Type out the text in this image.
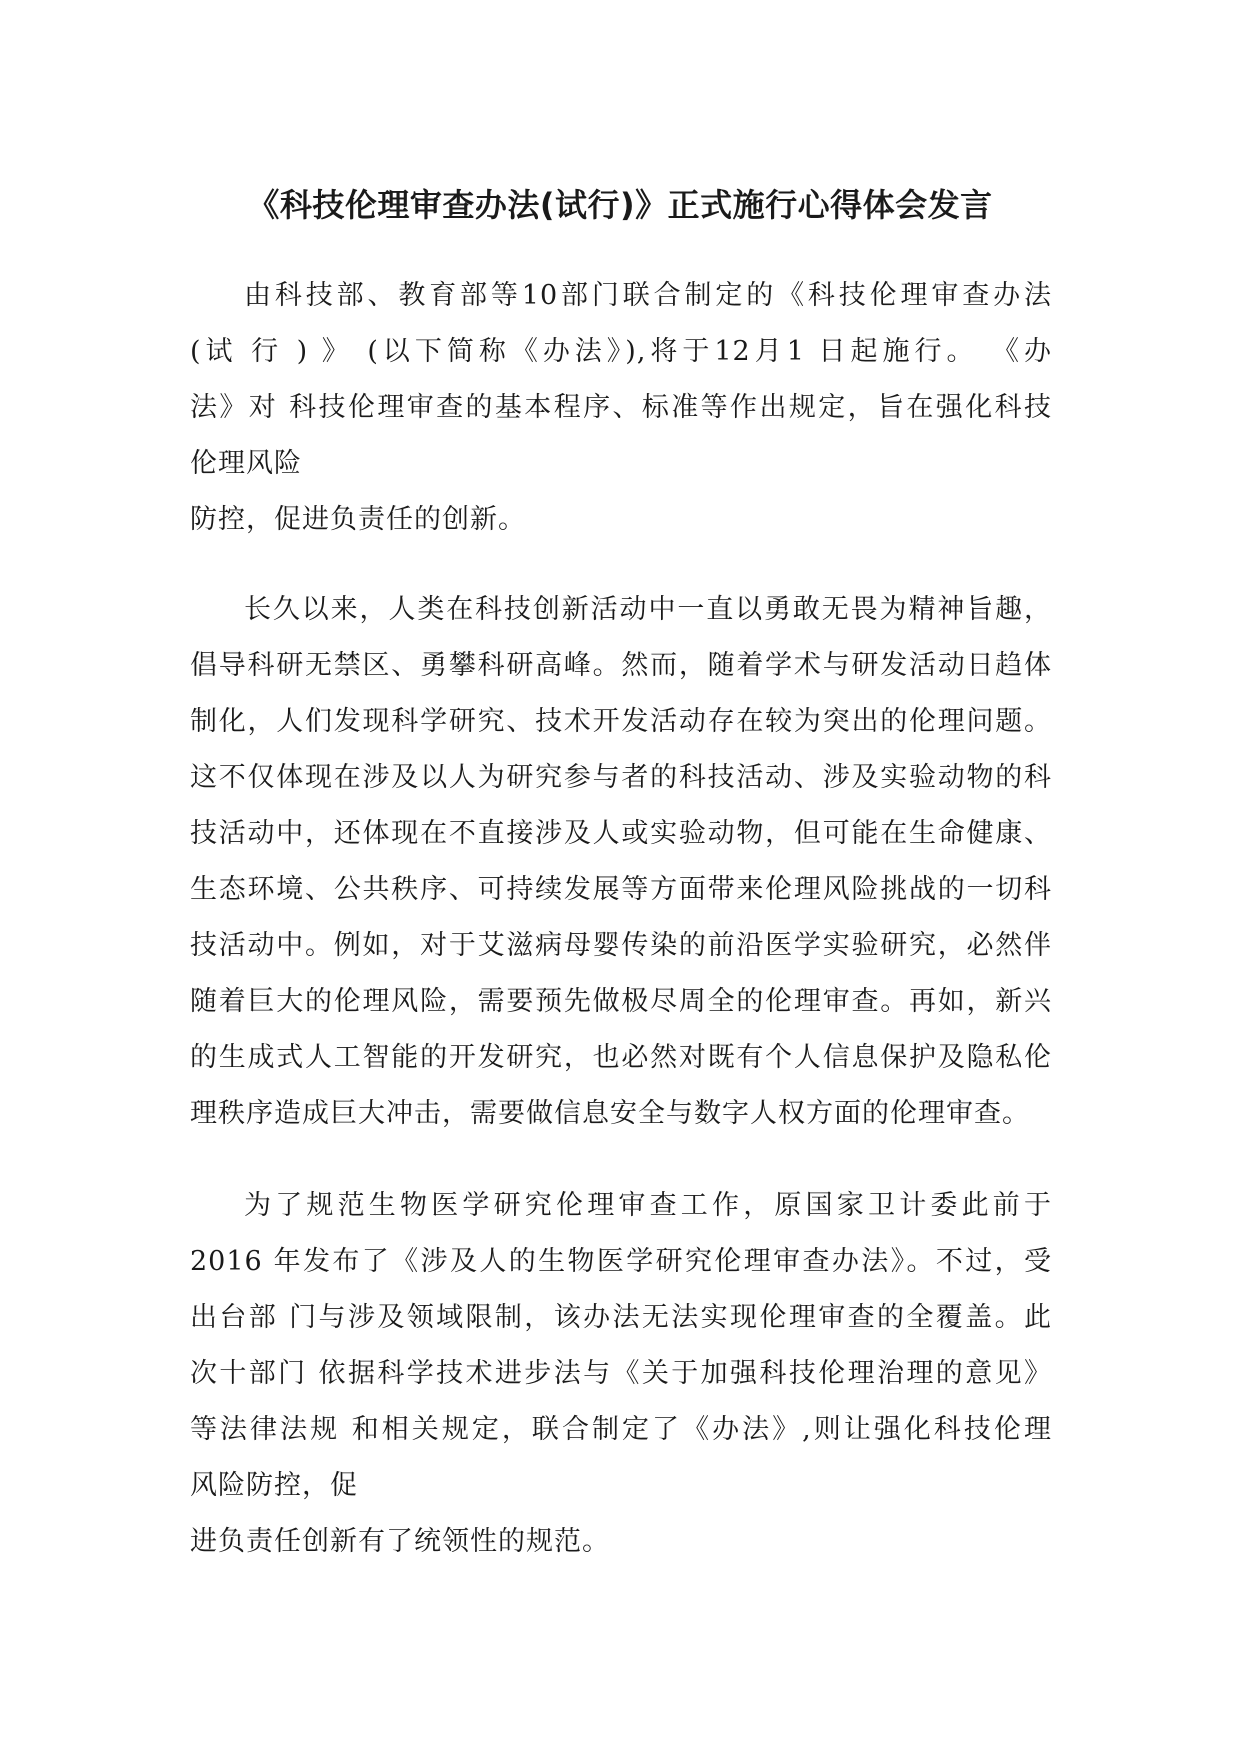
《科技伦理审查办法(试行)》正式施行心得体会发言
由科技部、教育部等10部门联合制定的《科技伦理审查办法
(试 行 ) 》 (以下简称《办法》),将于12月1 日起施行。 《办
法》对 科技伦理审查的基本程序、标准等作出规定，旨在强化科技
伦理风险
防控，促进负责任的创新。
长久以来，人类在科技创新活动中一直以勇敢无畏为精神旨趣，
倡导科研无禁区、勇攀科研高峰。然而，随着学术与研发活动日趋体
制化，人们发现科学研究、技术开发活动存在较为突出的伦理问题。
这不仅体现在涉及以人为研究参与者的科技活动、涉及实验动物的科
技活动中，还体现在不直接涉及人或实验动物，但可能在生命健康、
生态环境、公共秩序、可持续发展等方面带来伦理风险挑战的一切科
技活动中。例如，对于艾滋病母婴传染的前沿医学实验研究，必然伴
随着巨大的伦理风险，需要预先做极尽周全的伦理审查。再如，新兴
的生成式人工智能的开发研究，也必然对既有个人信息保护及隐私伦
理秩序造成巨大冲击，需要做信息安全与数字人权方面的伦理审查。
为了规范生物医学研究伦理审查工作，原国家卫计委此前于
2016 年发布了《涉及人的生物医学研究伦理审查办法》。不过，受
出台部 门与涉及领域限制，该办法无法实现伦理审查的全覆盖。此
次十部门 依据科学技术进步法与《关于加强科技伦理治理的意见》
等法律法规 和相关规定，联合制定了《办法》,则让强化科技伦理
风险防控，促
进负责任创新有了统领性的规范。
